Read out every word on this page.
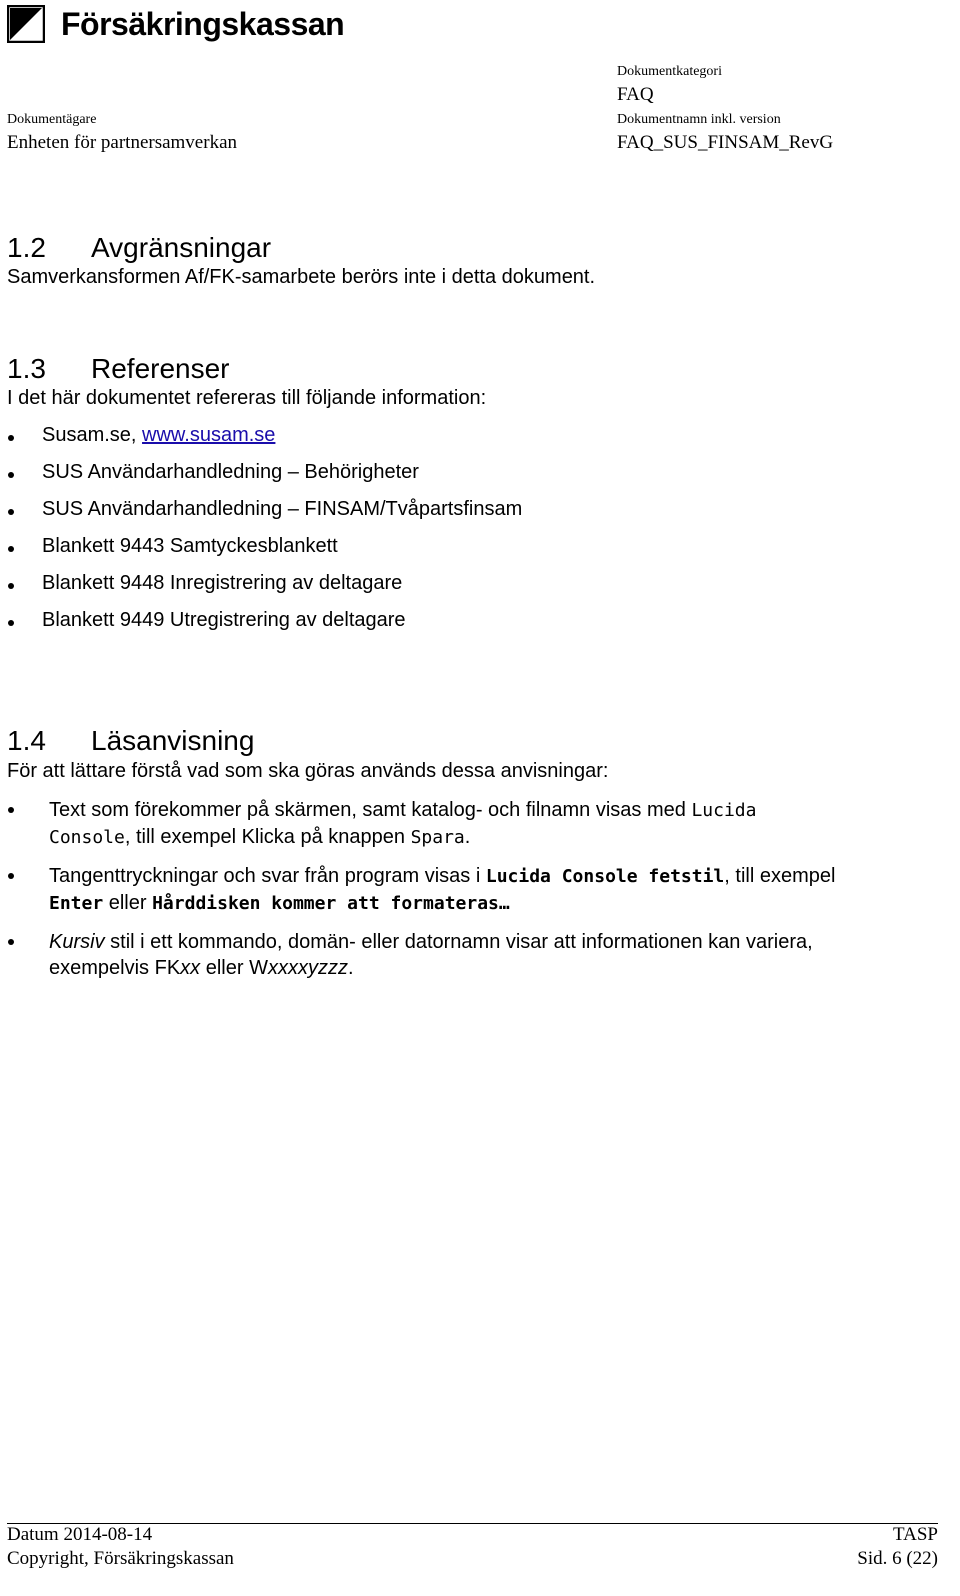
Försäkringskassan
Dokumentkategori
FAQ
Dokumentägare	Dokumentnamn inkl. version
Enheten för partnersamverkan	FAQ_SUS_FINSAM_RevG
1.2	Avgränsningar
Samverkansformen Af/FK-samarbete berörs inte i detta dokument.
1.3	Referenser
I det här dokumentet refereras till följande information:
Susam.se, www.susam.se
SUS Användarhandledning – Behörigheter
SUS Användarhandledning – FINSAM/Tvåpartsfinsam
Blankett 9443 Samtyckesblankett
Blankett 9448 Inregistrering av deltagare
Blankett 9449 Utregistrering av deltagare
1.4	Läsanvisning
För att lättare förstå vad som ska göras används dessa anvisningar:
Text som förekommer på skärmen, samt katalog- och filnamn visas med Lucida Console, till exempel Klicka på knappen Spara.
Tangenttryckningar och svar från program visas i Lucida Console fetstil, till exempel Enter eller Hårddisken kommer att formateras…
Kursiv stil i ett kommando, domän- eller datornamn visar att informationen kan variera, exempelvis FKxx eller Wxxxxyzzz.
Datum 2014-08-14	TASP
Copyright, Försäkringskassan	Sid. 6 (22)
